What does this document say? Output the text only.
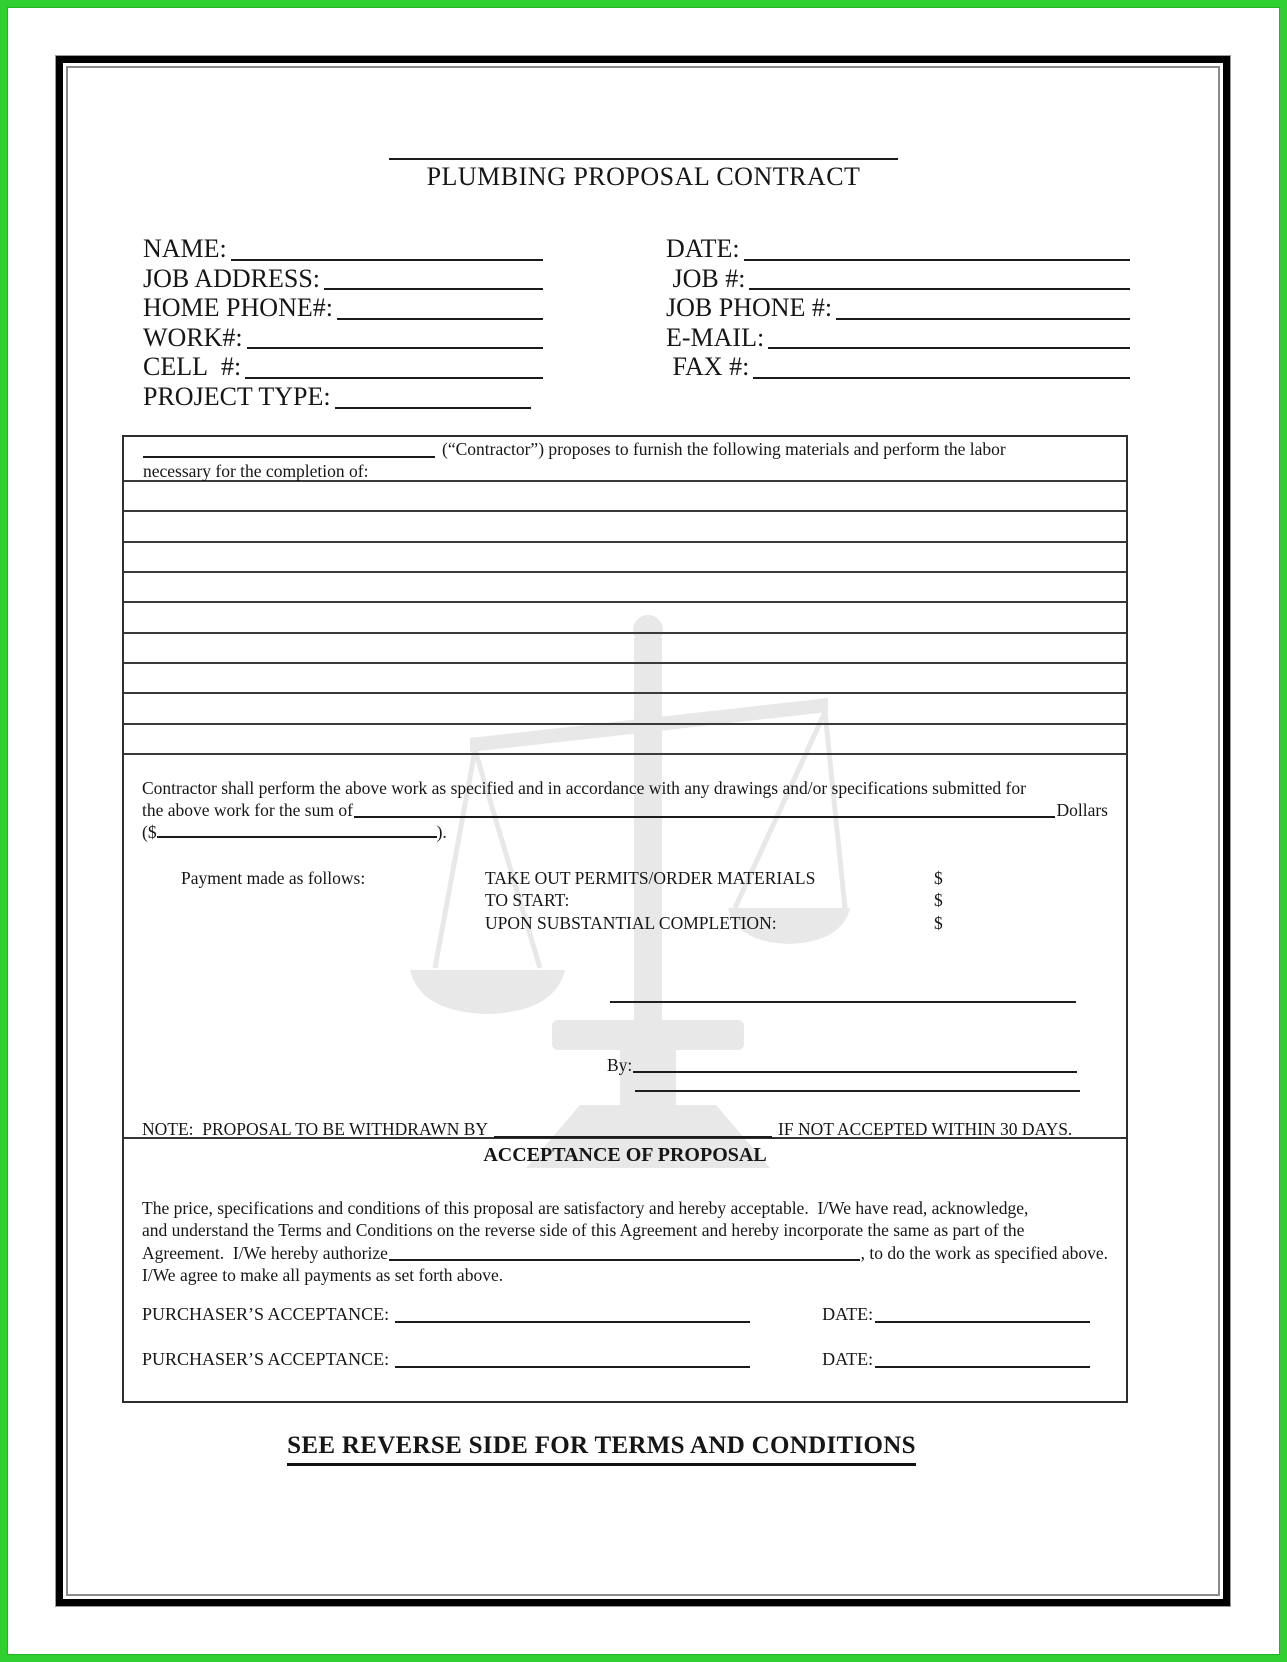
PLUMBING PROPOSAL CONTRACT
NAME:
JOB ADDRESS:
HOME PHONE#:
WORK#:
CELL  #:
PROJECT TYPE:
DATE:
JOB #:
JOB PHONE #:
E-MAIL:
FAX #:
(“Contractor”) proposes to furnish the following materials and perform the labor
necessary for the completion of:
Contractor shall perform the above work as specified and in accordance with any drawings and/or specifications submitted for
the above work for the sum of	Dollars
($	).
Payment made as follows:	TAKE OUT PERMITS/ORDER MATERIALS	$
TO START:	$
UPON SUBSTANTIAL COMPLETION:	$
By:
NOTE:  PROPOSAL TO BE WITHDRAWN BY	IF NOT ACCEPTED WITHIN 30 DAYS.
ACCEPTANCE OF PROPOSAL
The price, specifications and conditions of this proposal are satisfactory and hereby acceptable.  I/We have read, acknowledge,
and understand the Terms and Conditions on the reverse side of this Agreement and hereby incorporate the same as part of the
Agreement.  I/We hereby authorize	, to do the work as specified above.
I/We agree to make all payments as set forth above.
PURCHASER’S ACCEPTANCE:	DATE:
PURCHASER’S ACCEPTANCE:	DATE:
SEE REVERSE SIDE FOR TERMS AND CONDITIONS
